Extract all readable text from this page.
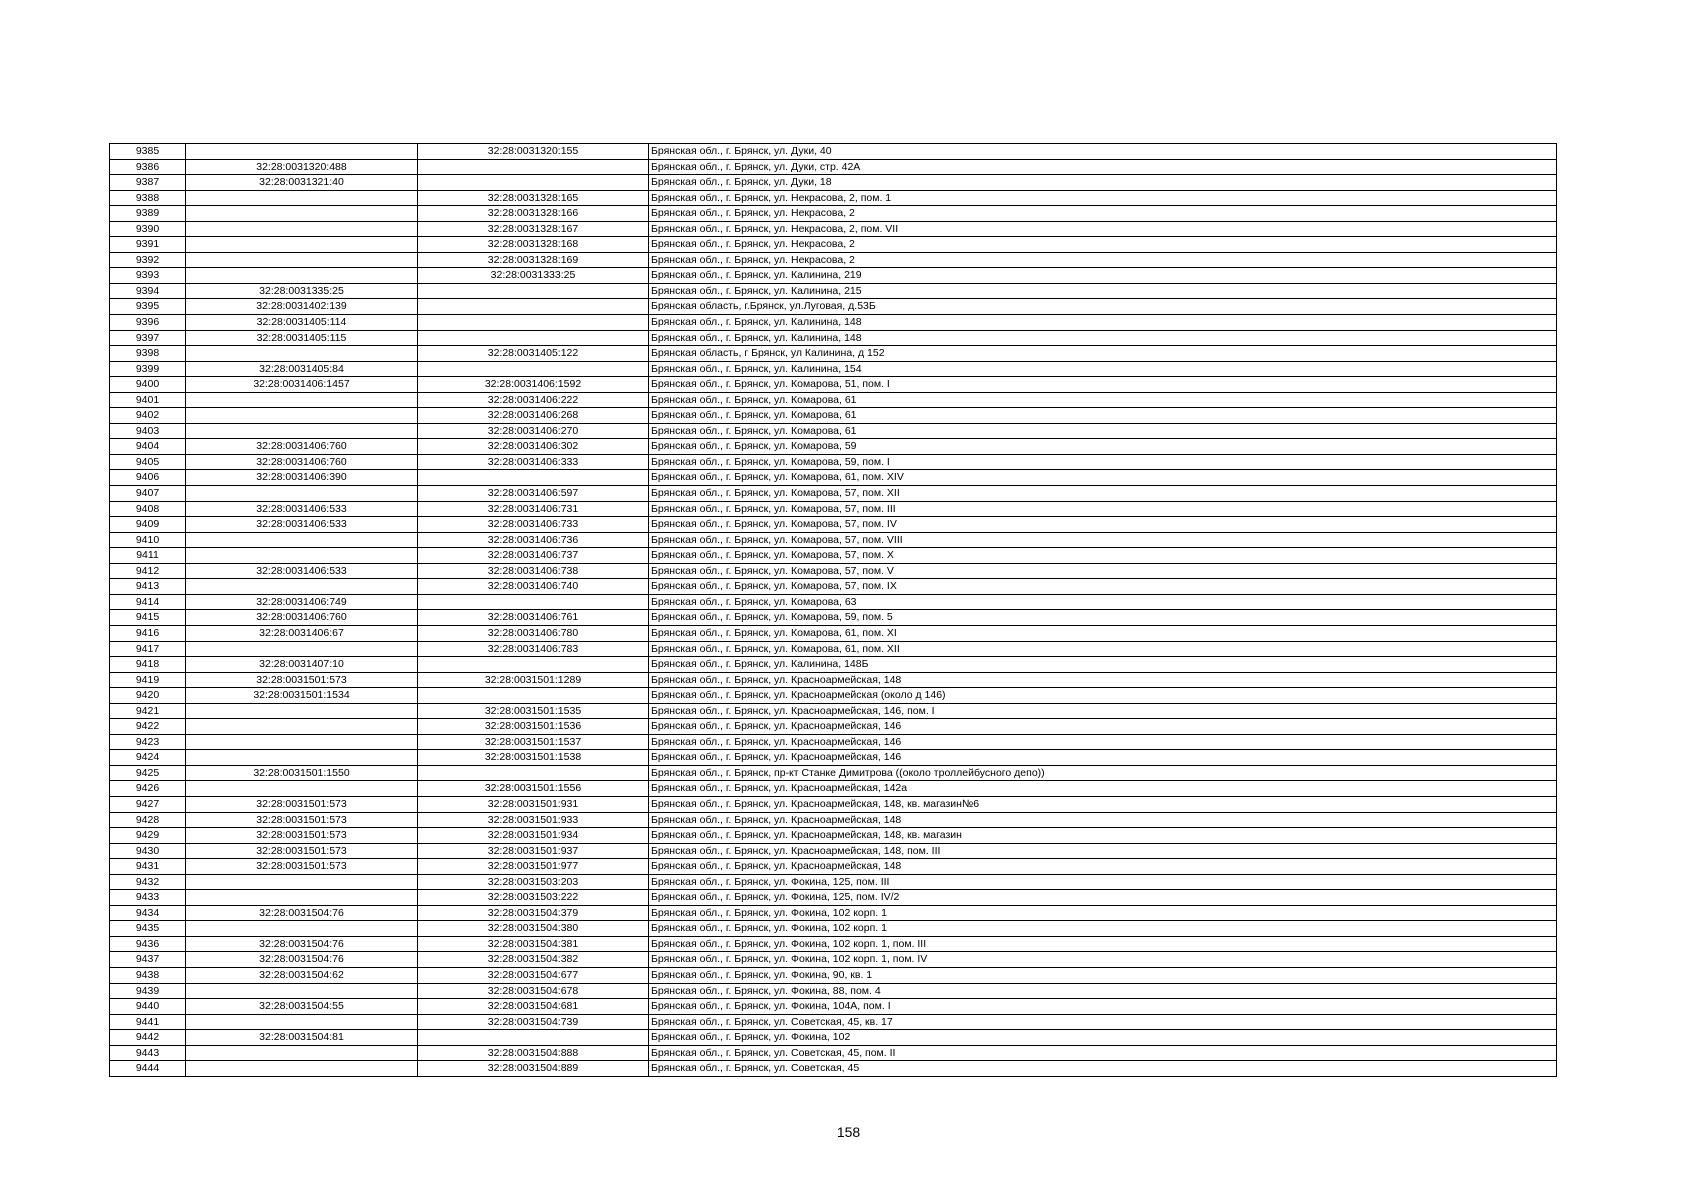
9385		32:28:0031320:155	Брянская обл., г. Брянск, ул. Дуки, 40
9386	32:28:0031320:488		Брянская обл., г. Брянск, ул. Дуки, стр. 42А
9387	32:28:0031321:40		Брянская обл., г. Брянск, ул. Дуки, 18
9388		32:28:0031328:165	Брянская обл., г. Брянск, ул. Некрасова, 2, пом. 1
9389		32:28:0031328:166	Брянская обл., г. Брянск, ул. Некрасова, 2
9390		32:28:0031328:167	Брянская обл., г. Брянск, ул. Некрасова, 2, пом. VII
9391		32:28:0031328:168	Брянская обл., г. Брянск, ул. Некрасова, 2
9392		32:28:0031328:169	Брянская обл., г. Брянск, ул. Некрасова, 2
9393		32:28:0031333:25	Брянская обл., г. Брянск, ул. Калинина, 219
9394	32:28:0031335:25		Брянская обл., г. Брянск, ул. Калинина, 215
9395	32:28:0031402:139		Брянская область, г.Брянск, ул.Луговая, д.53Б
9396	32:28:0031405:114		Брянская обл., г. Брянск, ул. Калинина, 148
9397	32:28:0031405:115		Брянская обл., г. Брянск, ул. Калинина, 148
9398		32:28:0031405:122	Брянская область, г Брянск, ул Калинина, д 152
9399	32:28:0031405:84		Брянская обл., г. Брянск, ул. Калинина, 154
9400	32:28:0031406:1457	32:28:0031406:1592	Брянская обл., г. Брянск, ул. Комарова, 51, пом. I
9401		32:28:0031406:222	Брянская обл., г. Брянск, ул. Комарова, 61
9402		32:28:0031406:268	Брянская обл., г. Брянск, ул. Комарова, 61
9403		32:28:0031406:270	Брянская обл., г. Брянск, ул. Комарова, 61
9404	32:28:0031406:760	32:28:0031406:302	Брянская обл., г. Брянск, ул. Комарова, 59
9405	32:28:0031406:760	32:28:0031406:333	Брянская обл., г. Брянск, ул. Комарова, 59, пом. I
9406	32:28:0031406:390		Брянская обл., г. Брянск, ул. Комарова, 61, пом. XIV
9407		32:28:0031406:597	Брянская обл., г. Брянск, ул. Комарова, 57, пом. XII
9408	32:28:0031406:533	32:28:0031406:731	Брянская обл., г. Брянск, ул. Комарова, 57, пом. III
9409	32:28:0031406:533	32:28:0031406:733	Брянская обл., г. Брянск, ул. Комарова, 57, пом. IV
9410		32:28:0031406:736	Брянская обл., г. Брянск, ул. Комарова, 57, пом. VIII
9411		32:28:0031406:737	Брянская обл., г. Брянск, ул. Комарова, 57, пом. X
9412	32:28:0031406:533	32:28:0031406:738	Брянская обл., г. Брянск, ул. Комарова, 57, пом. V
9413		32:28:0031406:740	Брянская обл., г. Брянск, ул. Комарова, 57, пом. IX
9414	32:28:0031406:749		Брянская обл., г. Брянск, ул. Комарова, 63
9415	32:28:0031406:760	32:28:0031406:761	Брянская обл., г. Брянск, ул. Комарова, 59, пом. 5
9416	32:28:0031406:67	32:28:0031406:780	Брянская обл., г. Брянск, ул. Комарова, 61, пом. XI
9417		32:28:0031406:783	Брянская обл., г. Брянск, ул. Комарова, 61, пом. XII
9418	32:28:0031407:10		Брянская обл., г. Брянск, ул. Калинина, 148Б
9419	32:28:0031501:573	32:28:0031501:1289	Брянская обл., г. Брянск, ул. Красноармейская, 148
9420	32:28:0031501:1534		Брянская обл., г. Брянск, ул. Красноармейская (около д 146)
9421		32:28:0031501:1535	Брянская обл., г. Брянск, ул. Красноармейская, 146, пом. I
9422		32:28:0031501:1536	Брянская обл., г. Брянск, ул. Красноармейская, 146
9423		32:28:0031501:1537	Брянская обл., г. Брянск, ул. Красноармейская, 146
9424		32:28:0031501:1538	Брянская обл., г. Брянск, ул. Красноармейская, 146
9425	32:28:0031501:1550		Брянская обл., г. Брянск, пр-кт Станке Димитрова ((около троллейбусного депо))
9426		32:28:0031501:1556	Брянская обл., г. Брянск, ул. Красноармейская, 142а
9427	32:28:0031501:573	32:28:0031501:931	Брянская обл., г. Брянск, ул. Красноармейская, 148, кв. магазин№6
9428	32:28:0031501:573	32:28:0031501:933	Брянская обл., г. Брянск, ул. Красноармейская, 148
9429	32:28:0031501:573	32:28:0031501:934	Брянская обл., г. Брянск, ул. Красноармейская, 148, кв. магазин
9430	32:28:0031501:573	32:28:0031501:937	Брянская обл., г. Брянск, ул. Красноармейская, 148, пом. III
9431	32:28:0031501:573	32:28:0031501:977	Брянская обл., г. Брянск, ул. Красноармейская, 148
9432		32:28:0031503:203	Брянская обл., г. Брянск, ул. Фокина, 125, пом. III
9433		32:28:0031503:222	Брянская обл., г. Брянск, ул. Фокина, 125, пом. IV/2
9434	32:28:0031504:76	32:28:0031504:379	Брянская обл., г. Брянск, ул. Фокина, 102 корп. 1
9435		32:28:0031504:380	Брянская обл., г. Брянск, ул. Фокина, 102 корп. 1
9436	32:28:0031504:76	32:28:0031504:381	Брянская обл., г. Брянск, ул. Фокина, 102 корп. 1, пом. III
9437	32:28:0031504:76	32:28:0031504:382	Брянская обл., г. Брянск, ул. Фокина, 102 корп. 1, пом. IV
9438	32:28:0031504:62	32:28:0031504:677	Брянская обл., г. Брянск, ул. Фокина, 90, кв. 1
9439		32:28:0031504:678	Брянская обл., г. Брянск, ул. Фокина, 88, пом. 4
9440	32:28:0031504:55	32:28:0031504:681	Брянская обл., г. Брянск, ул. Фокина, 104А, пом. I
9441		32:28:0031504:739	Брянская обл., г. Брянск, ул. Советская, 45, кв. 17
9442	32:28:0031504:81		Брянская обл., г. Брянск, ул. Фокина, 102
9443		32:28:0031504:888	Брянская обл., г. Брянск, ул. Советская, 45, пом. II
9444		32:28:0031504:889	Брянская обл., г. Брянск, ул. Советская, 45
158
